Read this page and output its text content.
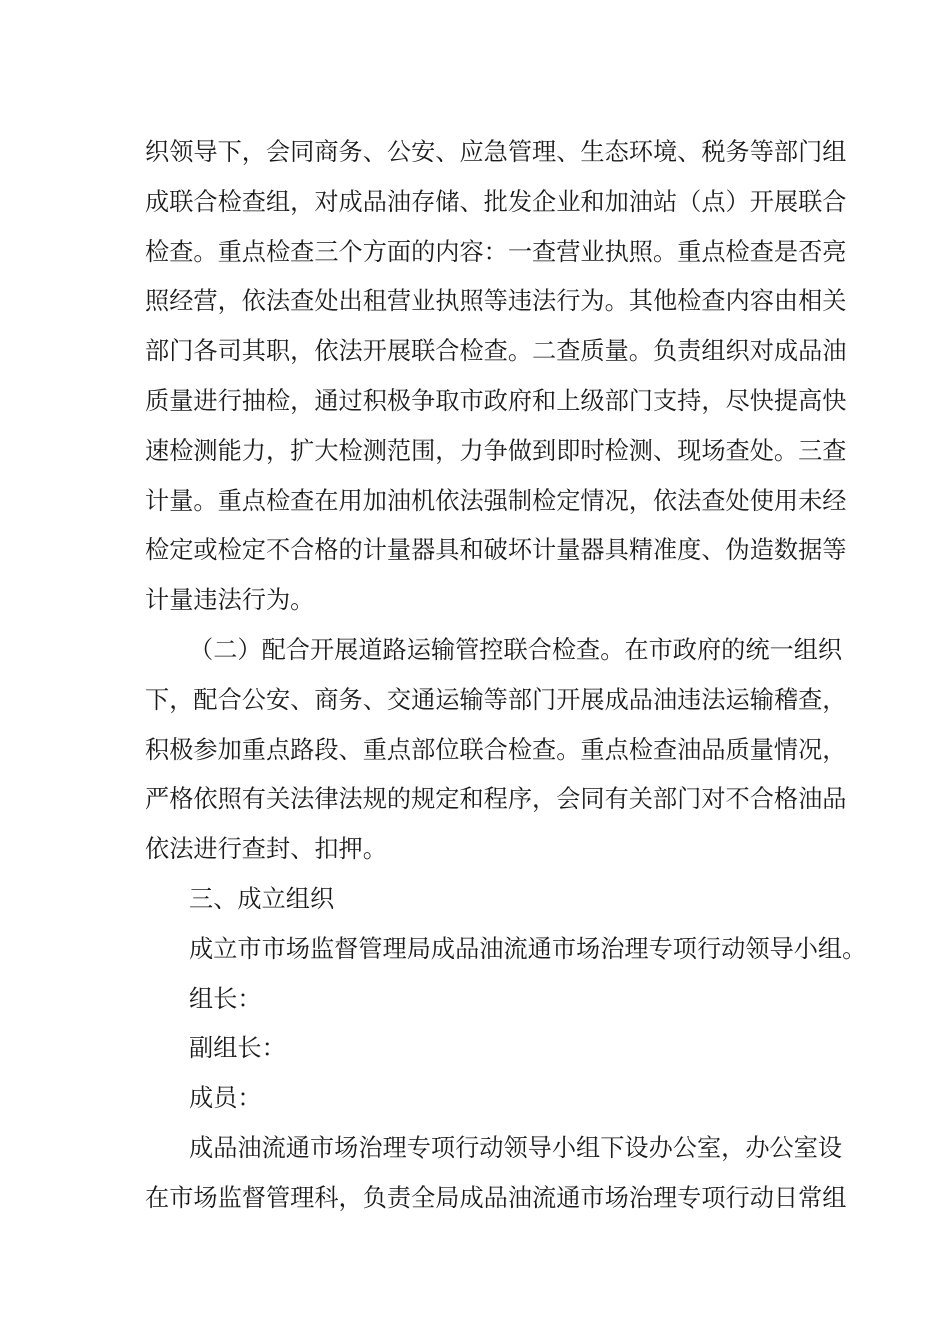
织领导下，会同商务、公安、应急管理、生态环境、税务等部门组
成联合检查组，对成品油存储、批发企业和加油站（点）开展联合
检查。重点检查三个方面的内容：一查营业执照。重点检查是否亮
照经营，依法查处出租营业执照等违法行为。其他检查内容由相关
部门各司其职，依法开展联合检查。二查质量。负责组织对成品油
质量进行抽检，通过积极争取市政府和上级部门支持，尽快提高快
速检测能力，扩大检测范围，力争做到即时检测、现场查处。三查
计量。重点检查在用加油机依法强制检定情况，依法查处使用未经
检定或检定不合格的计量器具和破坏计量器具精准度、伪造数据等
计量违法行为。
（二）配合开展道路运输管控联合检查。在市政府的统一组织
下，配合公安、商务、交通运输等部门开展成品油违法运输稽查，
积极参加重点路段、重点部位联合检查。重点检查油品质量情况，
严格依照有关法律法规的规定和程序，会同有关部门对不合格油品
依法进行查封、扣押。
三、成立组织
成立市市场监督管理局成品油流通市场治理专项行动领导小组。
组长：
副组长：
成员：
成品油流通市场治理专项行动领导小组下设办公室，办公室设
在市场监督管理科，负责全局成品油流通市场治理专项行动日常组
